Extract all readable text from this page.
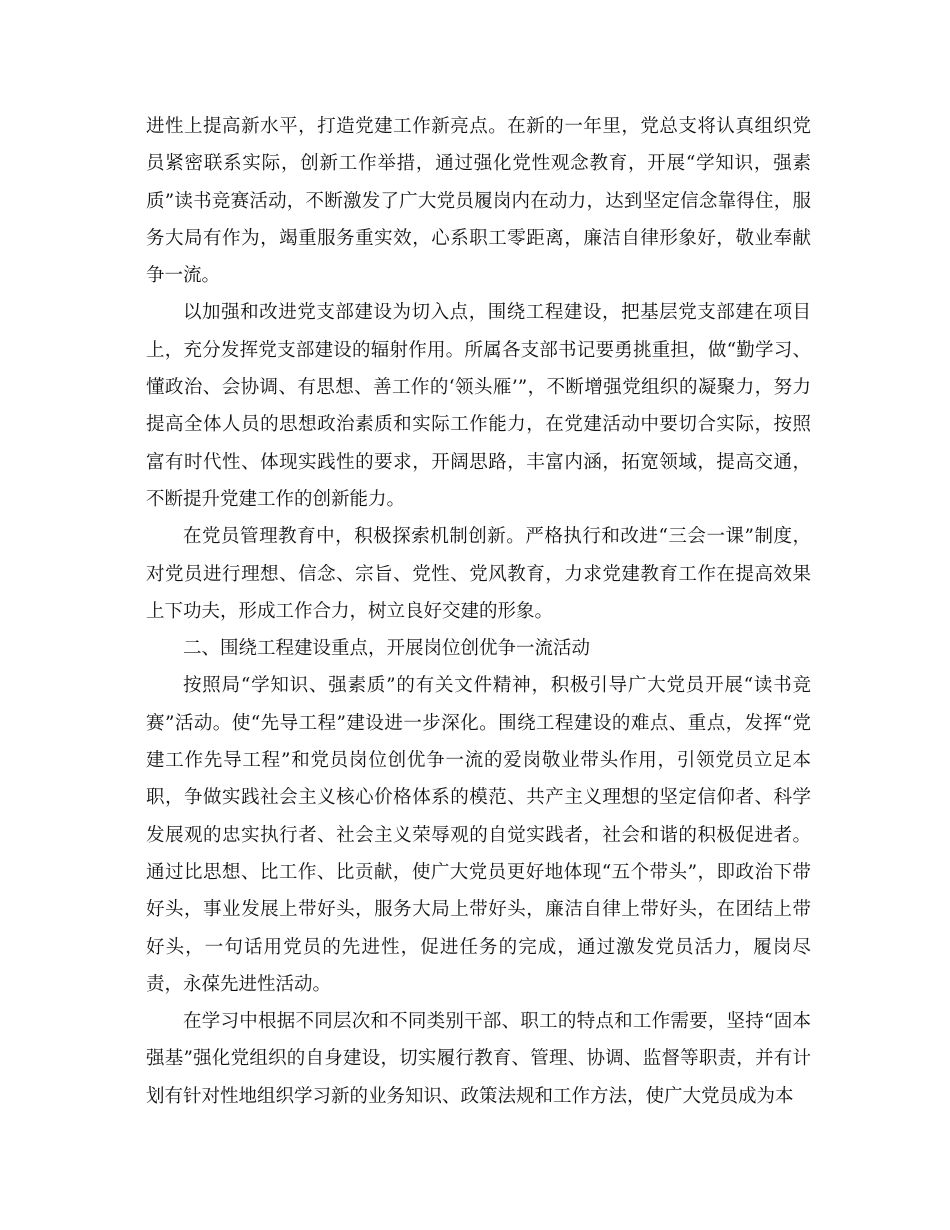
进性上提高新水平，打造党建工作新亮点。在新的一年里，党总支将认真组织党员紧密联系实际，创新工作举措，通过强化党性观念教育，开展“学知识，强素质”读书竞赛活动，不断激发了广大党员履岗内在动力，达到坚定信念靠得住，服务大局有作为，竭重服务重实效，心系职工零距离，廉洁自律形象好，敬业奉献争一流。

以加强和改进党支部建设为切入点，围绕工程建设，把基层党支部建在项目上，充分发挥党支部建设的辐射作用。所属各支部书记要勇挑重担，做“勤学习、懂政治、会协调、有思想、善工作的‘领头雁’”，不断增强党组织的凝聚力，努力提高全体人员的思想政治素质和实际工作能力，在党建活动中要切合实际，按照富有时代性、体现实践性的要求，开阔思路，丰富内涵，拓宽领域，提高交通，不断提升党建工作的创新能力。

在党员管理教育中，积极探索机制创新。严格执行和改进“三会一课”制度，对党员进行理想、信念、宗旨、党性、党风教育，力求党建教育工作在提高效果上下功夫，形成工作合力，树立良好交建的形象。

二、围绕工程建设重点，开展岗位创优争一流活动

按照局“学知识、强素质”的有关文件精神，积极引导广大党员开展“读书竞赛”活动。使“先导工程”建设进一步深化。围绕工程建设的难点、重点，发挥“党建工作先导工程”和党员岗位创优争一流的爱岗敬业带头作用，引领党员立足本职，争做实践社会主义核心价格体系的模范、共产主义理想的坚定信仰者、科学发展观的忠实执行者、社会主义荣辱观的自觉实践者，社会和谐的积极促进者。通过比思想、比工作、比贡献，使广大党员更好地体现“五个带头”，即政治下带好头，事业发展上带好头，服务大局上带好头，廉洁自律上带好头，在团结上带好头，一句话用党员的先进性，促进任务的完成，通过激发党员活力，履岗尽责，永葆先进性活动。

在学习中根据不同层次和不同类别干部、职工的特点和工作需要，坚持“固本强基”强化党组织的自身建设，切实履行教育、管理、协调、监督等职责，并有计划有针对性地组织学习新的业务知识、政策法规和工作方法，使广大党员成为本
